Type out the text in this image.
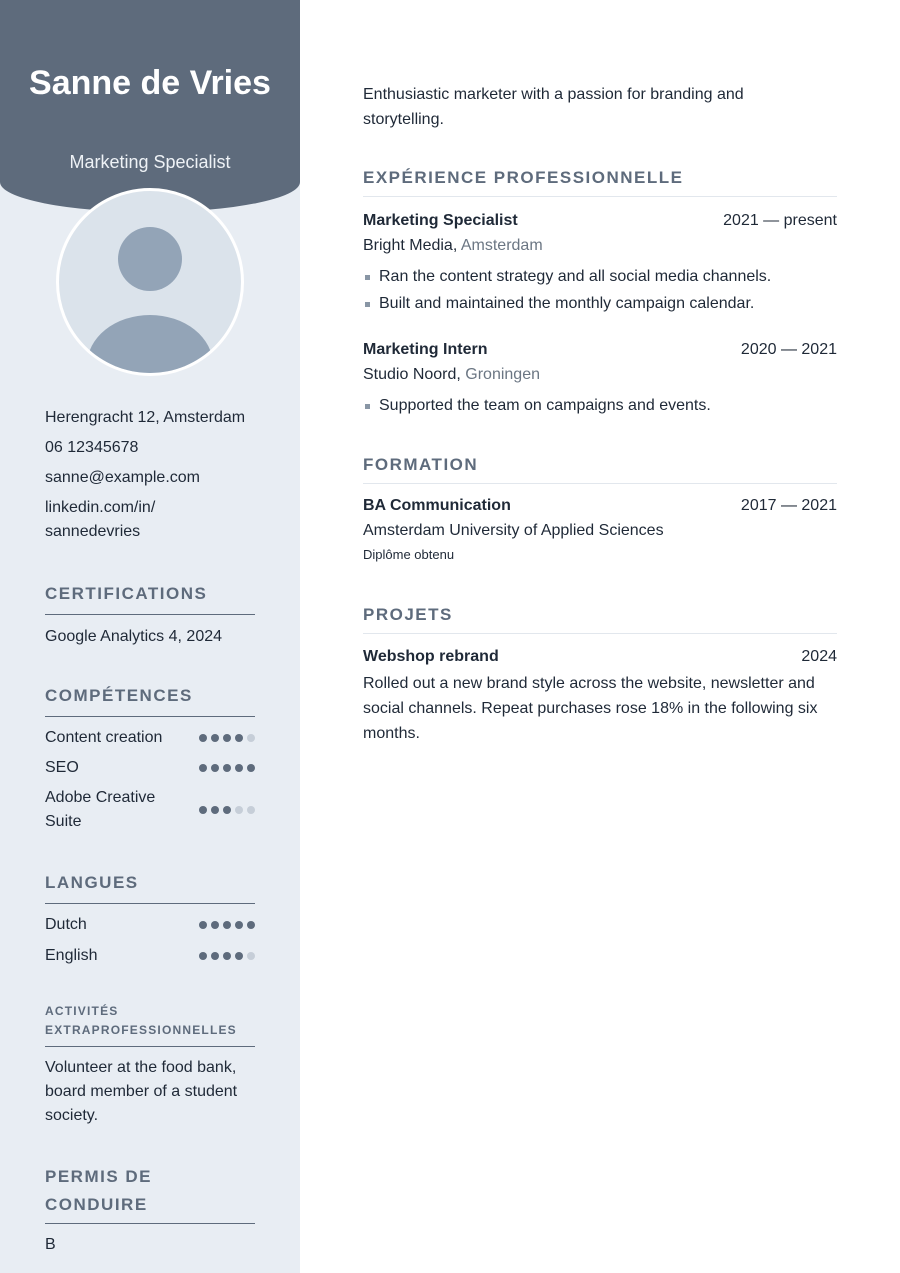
Sanne de Vries
Marketing Specialist
Herengracht 12, Amsterdam
06 12345678
sanne@example.com
linkedin.com/in/ sannedevries
CERTIFICATIONS
Google Analytics 4, 2024
COMPÉTENCES
Content creation
SEO
Adobe Creative Suite
LANGUES
Dutch
English
ACTIVITÉS EXTRAPROFESSIONNELLES
Volunteer at the food bank, board member of a student society.
PERMIS DE CONDUIRE
B
Enthusiastic marketer with a passion for branding and storytelling.
EXPÉRIENCE PROFESSIONNELLE
Marketing Specialist	2021 — present
Bright Media, Amsterdam
Ran the content strategy and all social media channels.
Built and maintained the monthly campaign calendar.
Marketing Intern	2020 — 2021
Studio Noord, Groningen
Supported the team on campaigns and events.
FORMATION
BA Communication	2017 — 2021
Amsterdam University of Applied Sciences
Diplôme obtenu
PROJETS
Webshop rebrand	2024
Rolled out a new brand style across the website, newsletter and social channels. Repeat purchases rose 18% in the following six months.
